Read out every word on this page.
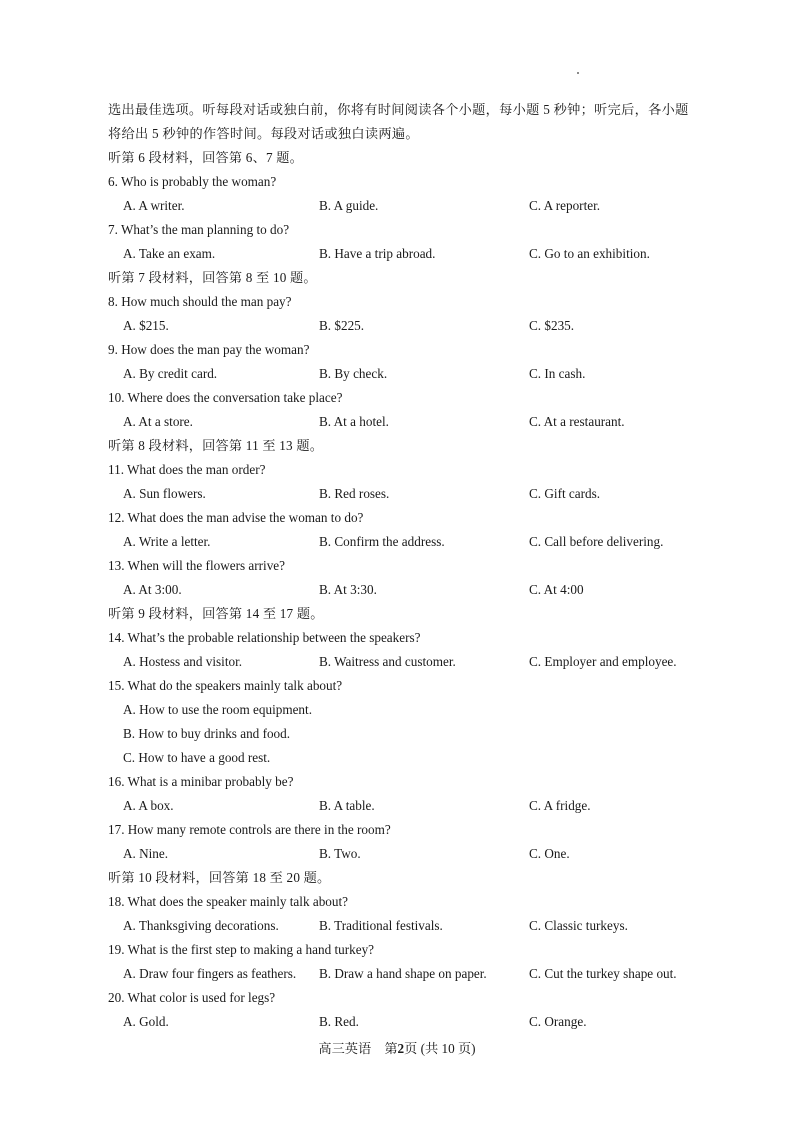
选出最佳选项。听每段对话或独白前，你将有时间阅读各个小题，每小题 5 秒钟；听完后，各小题
将给出 5 秒钟的作答时间。每段对话或独白读两遍。
听第 6 段材料，回答第 6、7 题。
6. Who is probably the woman?
A. A writer.	B. A guide.	C. A reporter.
7. What’s the man planning to do?
A. Take an exam.	B. Have a trip abroad.	C. Go to an exhibition.
听第 7 段材料，回答第 8 至 10 题。
8. How much should the man pay?
A. $215.	B. $225.	C. $235.
9. How does the man pay the woman?
A. By credit card.	B. By check.	C. In cash.
10. Where does the conversation take place?
A. At a store.	B. At a hotel.	C. At a restaurant.
听第 8 段材料，回答第 11 至 13 题。
11. What does the man order?
A. Sun flowers.	B. Red roses.	C. Gift cards.
12. What does the man advise the woman to do?
A. Write a letter.	B. Confirm the address.	C. Call before delivering.
13. When will the flowers arrive?
A. At 3:00.	B. At 3:30.	C. At 4:00
听第 9 段材料，回答第 14 至 17 题。
14. What’s the probable relationship between the speakers?
A. Hostess and visitor.	B. Waitress and customer.	C. Employer and employee.
15. What do the speakers mainly talk about?
A. How to use the room equipment.
B. How to buy drinks and food.
C. How to have a good rest.
16. What is a minibar probably be?
A. A box.	B. A table.	C. A fridge.
17. How many remote controls are there in the room?
A. Nine.	B. Two.	C. One.
听第 10 段材料，回答第 18 至 20 题。
18. What does the speaker mainly talk about?
A. Thanksgiving decorations.	B. Traditional festivals.	C. Classic turkeys.
19. What is the first step to making a hand turkey?
A. Draw four fingers as feathers. B. Draw a hand shape on paper.	C. Cut the turkey shape out.
20. What color is used for legs?
A. Gold.	B. Red.	C. Orange.
高三英语 第2页 (共 10 页)
